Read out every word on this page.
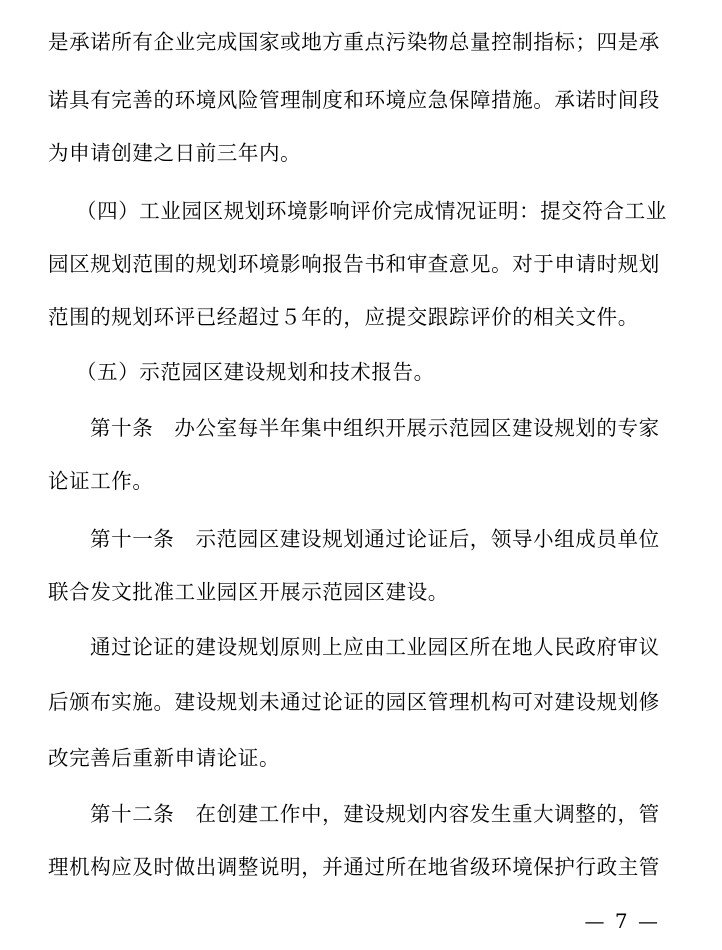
是承诺所有企业完成国家或地方重点污染物总量控制指标；四是承
诺具有完善的环境风险管理制度和环境应急保障措施。承诺时间段
为申请创建之日前三年内。
（四）工业园区规划环境影响评价完成情况证明：提交符合工业
园区规划范围的规划环境影响报告书和审查意见。对于申请时规划
范围的规划环评已经超过５年的，应提交跟踪评价的相关文件。
（五）示范园区建设规划和技术报告。
第十条　办公室每半年集中组织开展示范园区建设规划的专家
论证工作。
第十一条　示范园区建设规划通过论证后，领导小组成员单位
联合发文批准工业园区开展示范园区建设。
通过论证的建设规划原则上应由工业园区所在地人民政府审议
后颁布实施。建设规划未通过论证的园区管理机构可对建设规划修
改完善后重新申请论证。
第十二条　在创建工作中，建设规划内容发生重大调整的，管
理机构应及时做出调整说明，并通过所在地省级环境保护行政主管
— 7 —
